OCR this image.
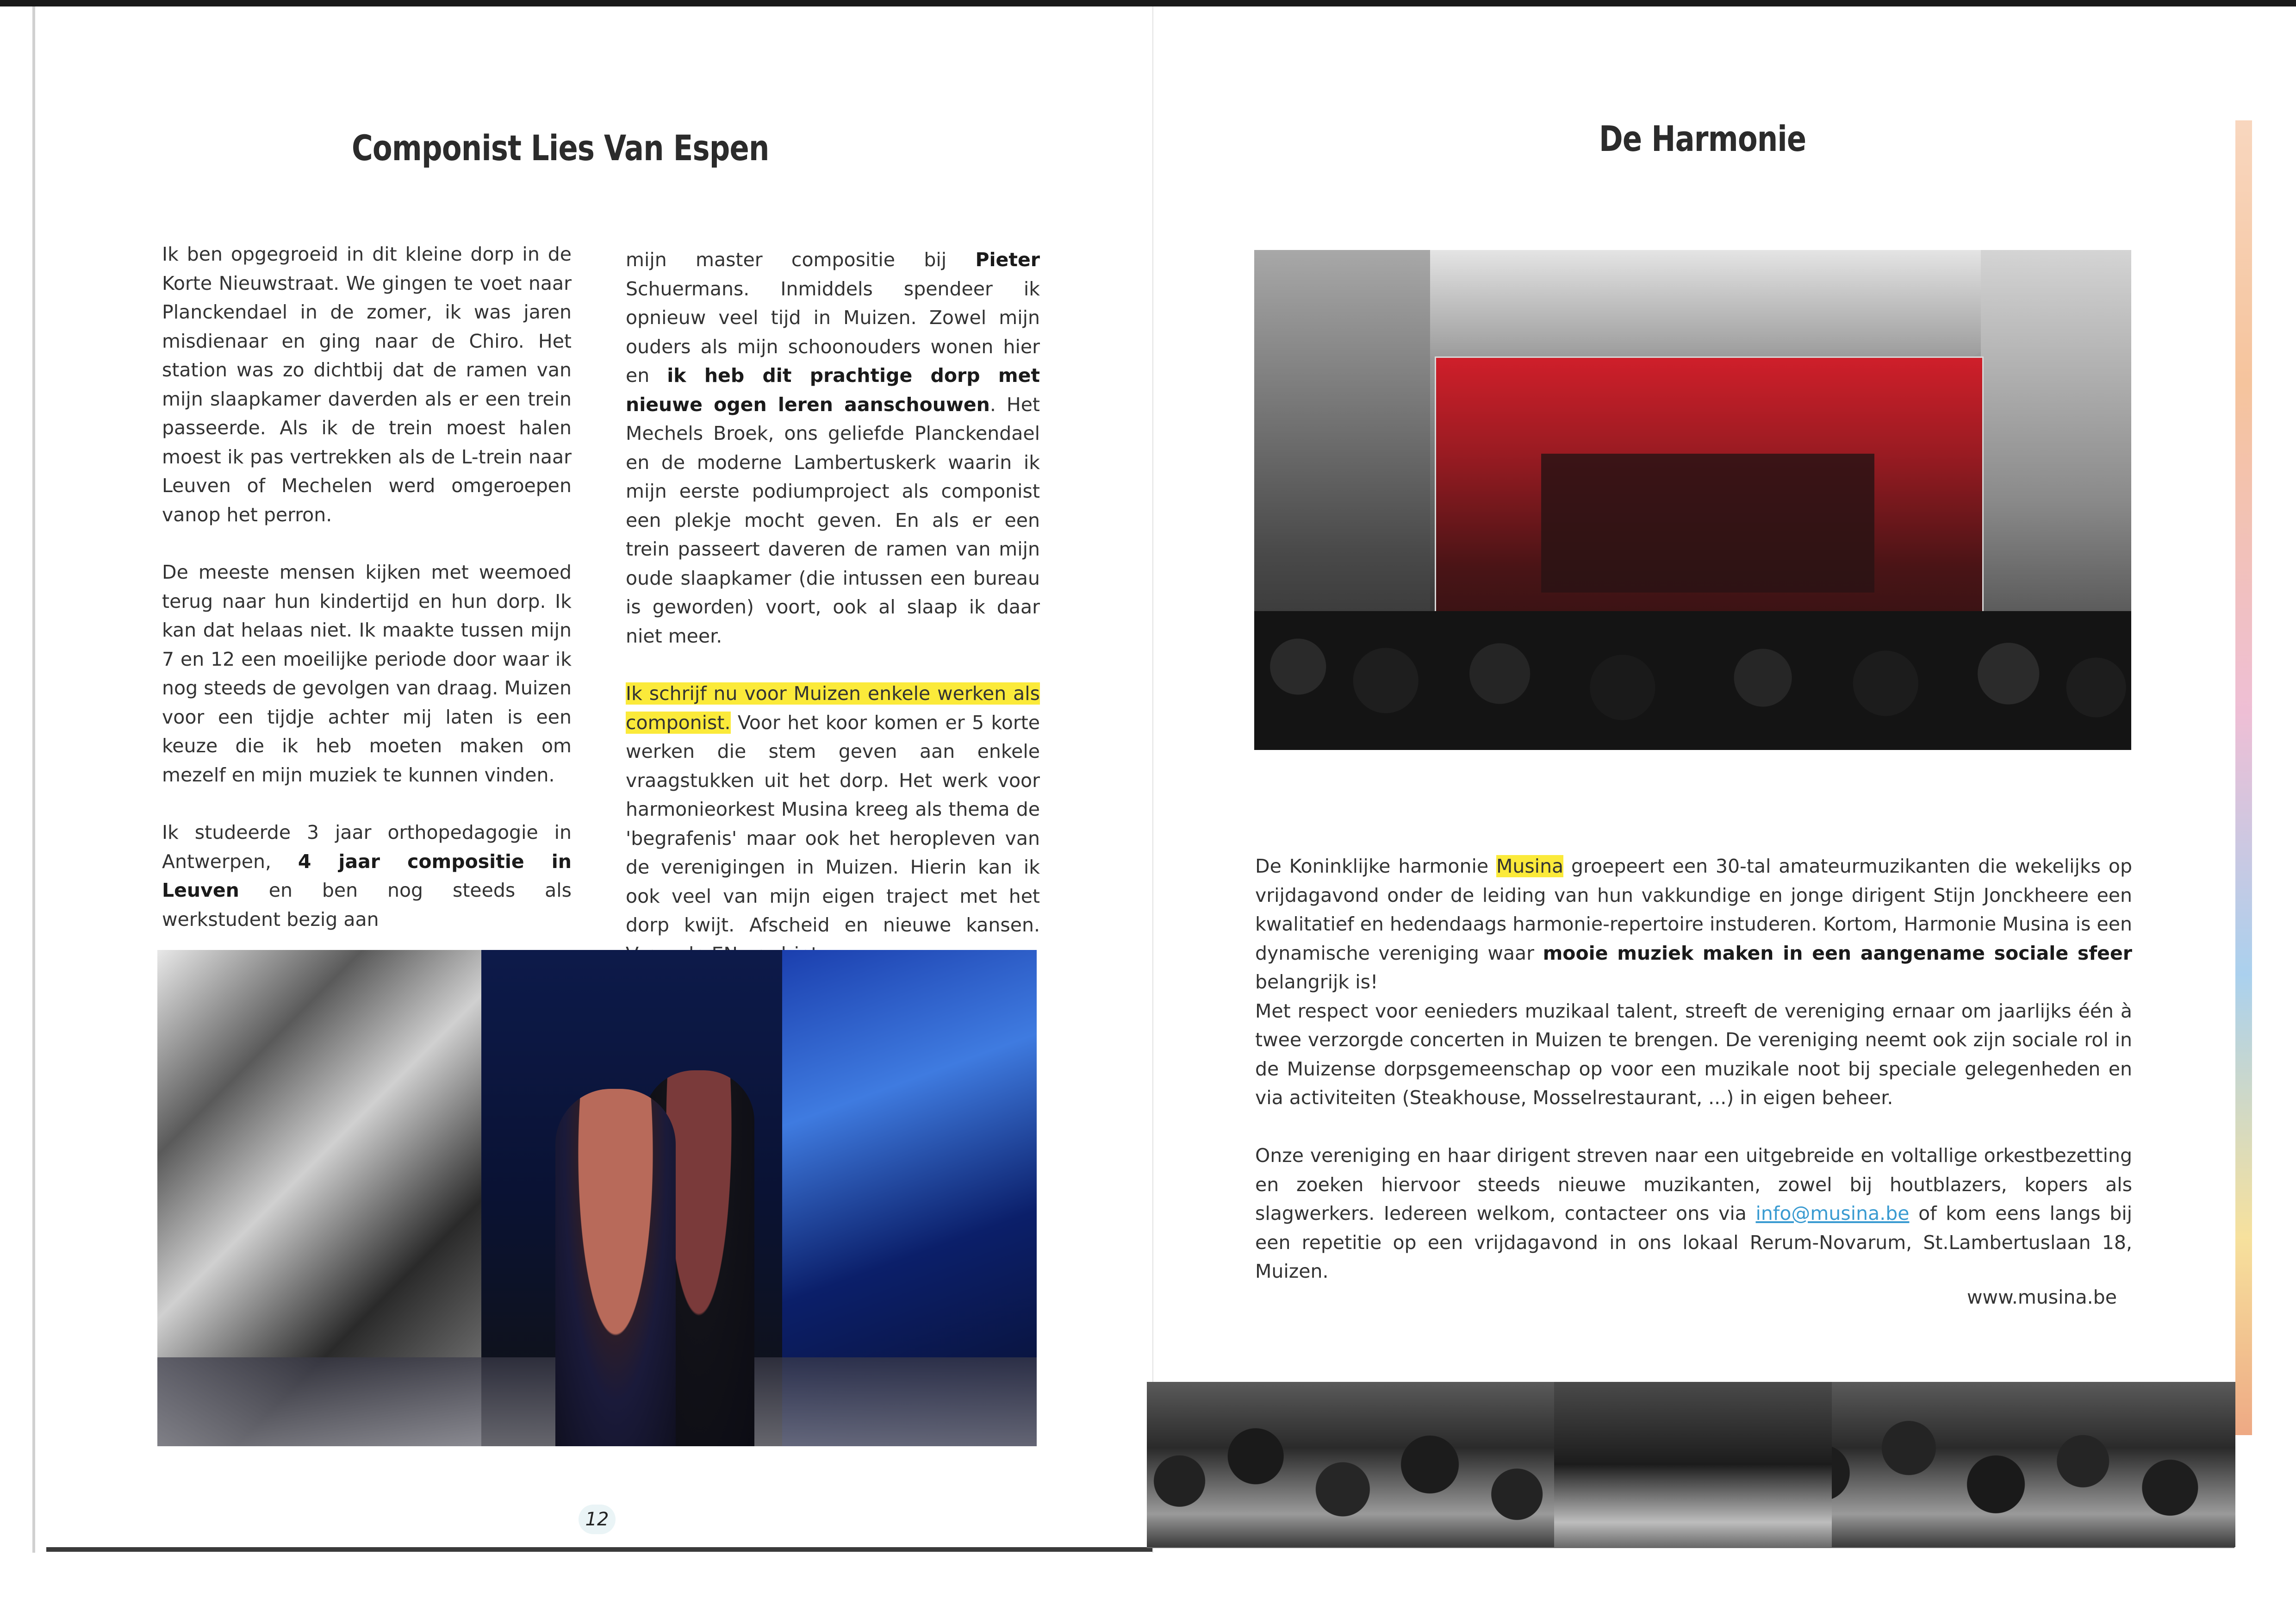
Componist Lies Van Espen

Ik ben opgegroeid in dit kleine dorp in de Korte Nieuwstraat. We gingen te voet naar Planckendael in de zomer, ik was jaren misdienaar en ging naar de Chiro. Het station was zo dichtbij dat de ramen van mijn slaapkamer daverden als er een trein passeerde. Als ik de trein moest halen moest ik pas vertrekken als de L-trein naar Leuven of Mechelen werd omgeroepen vanop het perron.

De meeste mensen kijken met weemoed terug naar hun kindertijd en hun dorp. Ik kan dat helaas niet. Ik maakte tussen mijn 7 en 12 een moeilijke periode door waar ik nog steeds de gevolgen van draag. Muizen voor een tijdje achter mij laten is een keuze die ik heb moeten maken om mezelf en mijn muziek te kunnen vinden.

Ik studeerde 3 jaar orthopedagogie in Antwerpen, 4 jaar compositie in Leuven en ben nog steeds als werkstudent bezig aan

mijn master compositie bij Pieter Schuermans. Inmiddels spendeer ik opnieuw veel tijd in Muizen. Zowel mijn ouders als mijn schoonouders wonen hier en ik heb dit prachtige dorp met nieuwe ogen leren aanschouwen. Het Mechels Broek, ons geliefde Planckendael en de moderne Lambertuskerk waarin ik mijn eerste podiumproject als componist een plekje mocht geven. En als er een trein passeert daveren de ramen van mijn oude slaapkamer (die intussen een bureau is geworden) voort, ook al slaap ik daar niet meer.

Ik schrijf nu voor Muizen enkele werken als componist. Voor het koor komen er 5 korte werken die stem geven aan enkele vraagstukken uit het dorp. Het werk voor harmonieorkest Musina kreeg als thema de 'begrafenis' maar ook het heropleven van de verenigingen in Muizen. Hierin kan ik ook veel van mijn eigen traject met het dorp kwijt. Afscheid en nieuwe kansen.

12
De Harmonie

De Koninklijke harmonie Musina groepeert een 30-tal amateurmuzikanten die wekelijks op vrijdagavond onder de leiding van hun vakkundige en jonge dirigent Stijn Jonckheere een kwalitatief en hedendaags harmonie-repertoire instuderen. Kortom, Harmonie Musina is een dynamische vereniging waar mooie muziek maken in een aangename sociale sfeer belangrijk is!

Met respect voor eenieders muzikaal talent, streeft de vereniging ernaar om jaarlijks één à twee verzorgde concerten in Muizen te brengen. De vereniging neemt ook zijn sociale rol in de Muizense dorpsgemeenschap op voor een muzikale noot bij speciale gelegenheden en via activiteiten (Steakhouse, Mosselrestaurant, ...) in eigen beheer.

Onze vereniging en haar dirigent streven naar een uitgebreide en voltallige orkestbezetting en zoeken hiervoor steeds nieuwe muzikanten, zowel bij houtblazers, kopers als slagwerkers. Iedereen welkom, contacteer ons via info@musina.be of kom eens langs bij een repetitie op een vrijdagavond in ons lokaal Rerum-Novarum, St.Lambertuslaan 18, Muizen.

www.musina.be
